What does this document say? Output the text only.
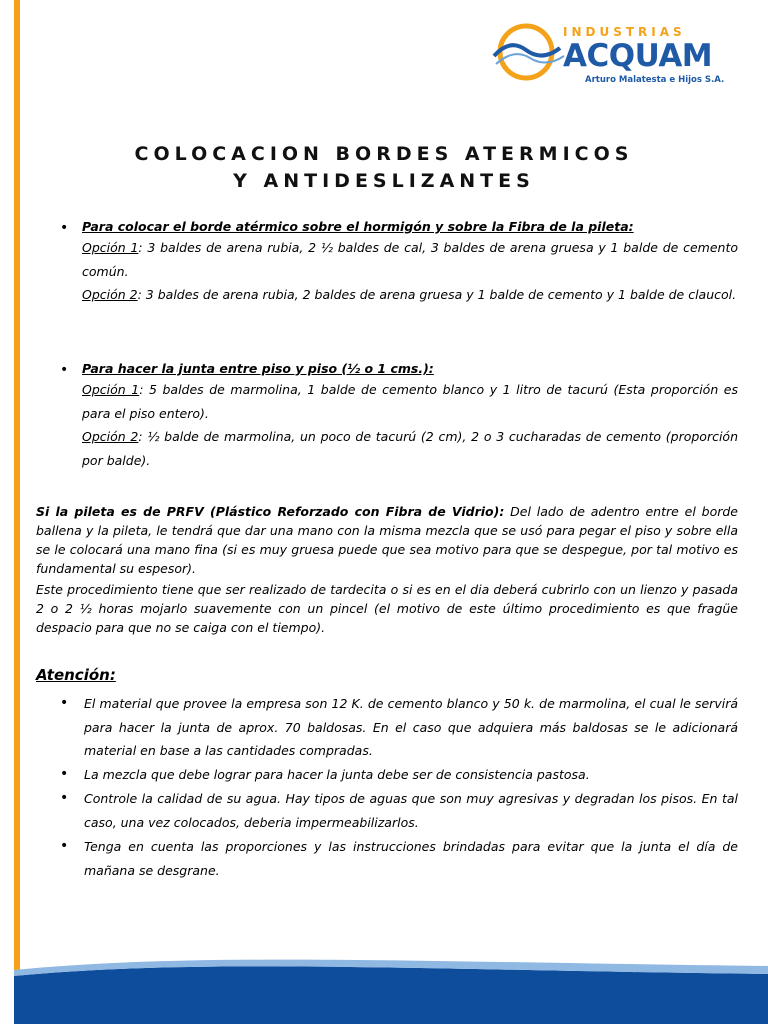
INDUSTRIAS
ACQUAM
Arturo Malatesta e Hijos S.A.
COLOCACION BORDES ATERMICOS
Y ANTIDESLIZANTES
•

Para colocar el borde atérmico sobre el hormigón y sobre la Fibra de la pileta:

Opción 1: 3 baldes de arena rubia, 2 ½ baldes de cal, 3 baldes de arena gruesa y 1 balde de cemento común.

Opción 2: 3 baldes de arena rubia, 2 baldes de arena gruesa y 1 balde de cemento y 1 balde de claucol.

•

Para hacer la junta entre piso y piso (½ o 1 cms.):

Opción 1: 5 baldes de marmolina, 1 balde de cemento blanco y 1 litro de tacurú (Esta proporción es para el piso entero).

Opción 2: ½ balde de marmolina, un poco de tacurú (2 cm), 2 o 3 cucharadas de cemento (proporción por balde).

Si la pileta es de PRFV (Plástico Reforzado con Fibra de Vidrio): Del lado de adentro entre el borde ballena y la pileta, le tendrá que dar una mano con la misma mezcla que se usó para pegar el piso y sobre ella se le colocará una mano fina (si es muy gruesa puede que sea motivo para que se despegue, por tal motivo es fundamental su espesor).

Este procedimiento tiene que ser realizado de tardecita o si es en el dia deberá cubrirlo con un lienzo y pasada 2 o 2 ½ horas mojarlo suavemente con un pincel (el motivo de este último procedimiento es que fragüe despacio para que no se caiga con el tiempo).

Atención:
•

El material que provee la empresa son 12 K. de cemento blanco y 50 k. de marmolina, el cual le servirá para hacer la junta de aprox. 70 baldosas. En el caso que adquiera más baldosas se le adicionará material en base a las cantidades compradas.

•

La mezcla que debe lograr para hacer la junta debe ser de consistencia pastosa.

•

Controle la calidad de su agua. Hay tipos de aguas que son muy agresivas y degradan los pisos. En tal caso, una vez colocados, deberia impermeabilizarlos.

•

Tenga en cuenta las proporciones y las instrucciones brindadas para evitar que la junta el día de mañana se desgrane.
